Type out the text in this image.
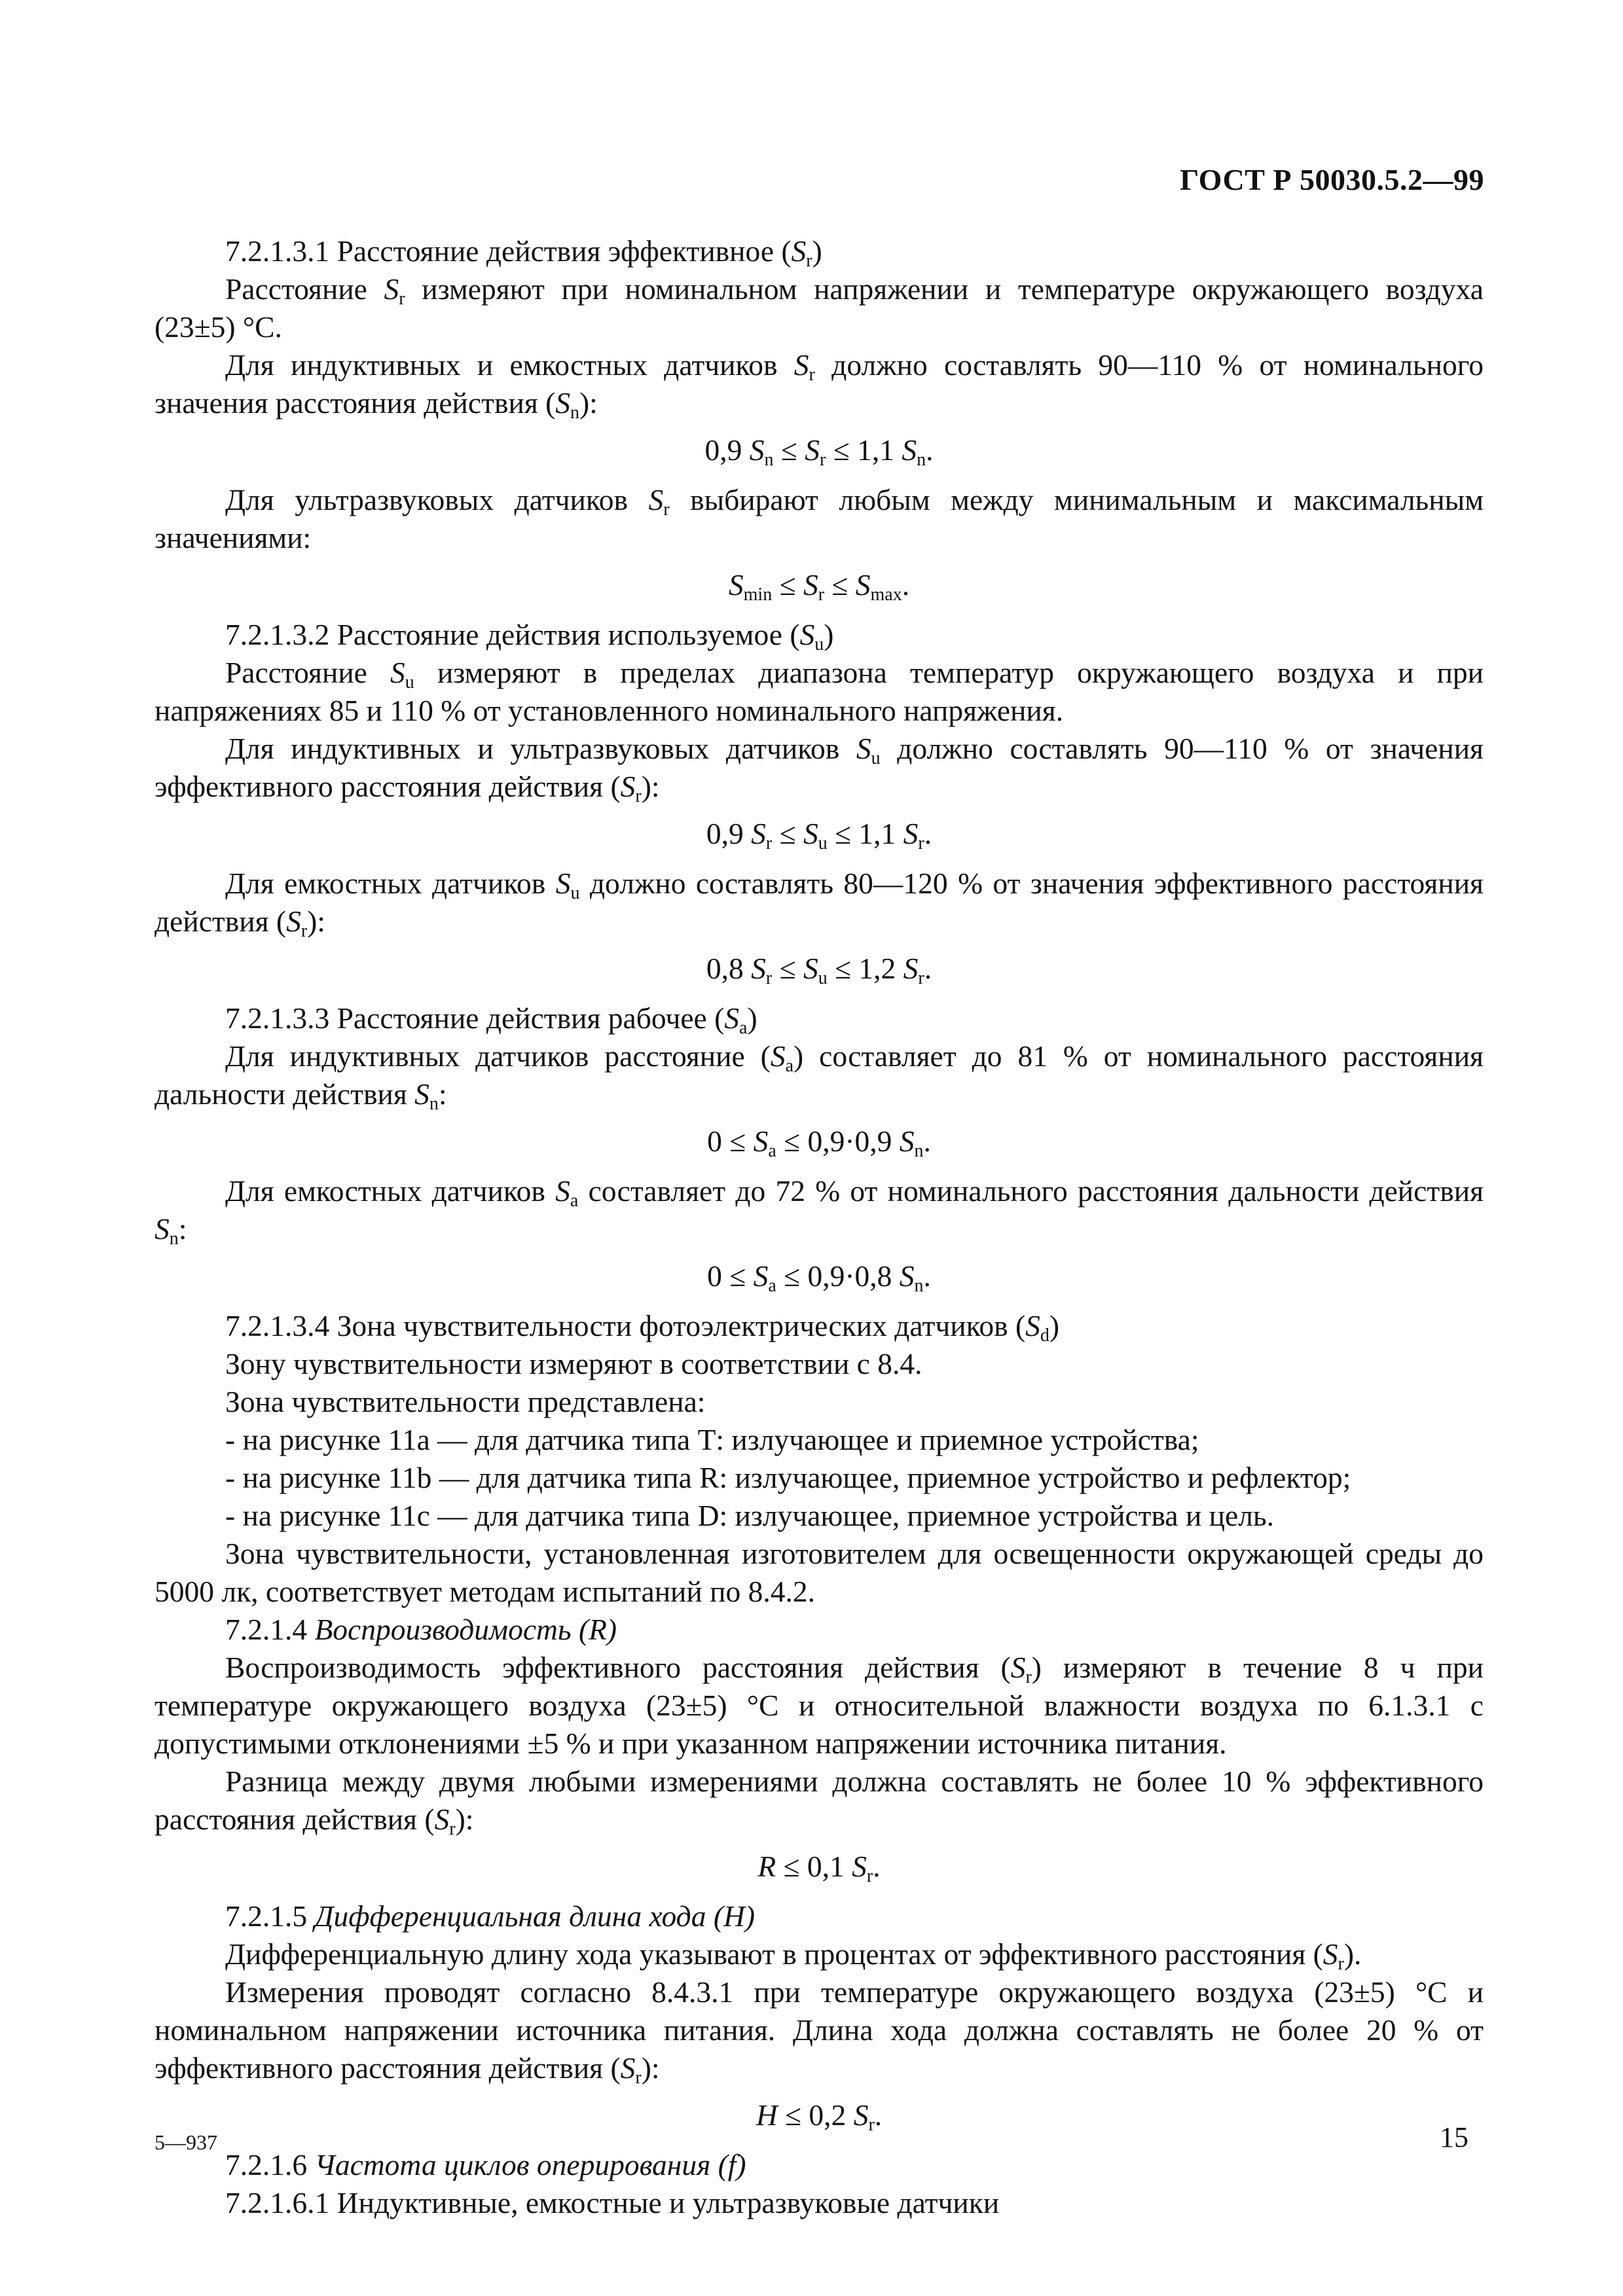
ГОСТ Р 50030.5.2—99

7.2.1.3.1 Расстояние действия эффективное $(S_r)$

Расстояние $S_r$ измеряют при номинальном напряжении и температуре окружающего воздуха (23±5) °С.

Для индуктивных и емкостных датчиков $S_r$ должно составлять 90—110 % от номинального значения расстояния действия $(S_n)$:

0,9 $S_n \le S_r \le 1,1$ $S_n$.

Для ультразвуковых датчиков $S_r$ выбирают любым между минимальным и максимальным значениями:

$S_{min} \le S_r \le S_{max}$.

7.2.1.3.2 Расстояние действия используемое $(S_u)$

Расстояние $S_u$ измеряют в пределах диапазона температур окружающего воздуха и при напряжениях 85 и 110 % от установленного номинального напряжения.

Для индуктивных и ультразвуковых датчиков $S_u$ должно составлять 90—110 % от значения эффективного расстояния действия $(S_r)$:

0,9 $S_r \le S_u \le 1,1$ $S_r$.

Для емкостных датчиков $S_u$ должно составлять 80—120 % от значения эффективного расстояния действия $(S_r)$:

0,8 $S_r \le S_u \le 1,2$ $S_r$.

7.2.1.3.3 Расстояние действия рабочее $(S_a)$

Для индуктивных датчиков расстояние $(S_a)$ составляет до 81 % от номинального расстояния дальности действия $S_n$:

$0 \le S_a \le 0,9\cdot 0,9$ $S_n$.

Для емкостных датчиков $S_a$ составляет до 72 % от номинального расстояния дальности действия $S_n$:

$0 \le S_a \le 0,9\cdot 0,8$ $S_n$.

7.2.1.3.4 Зона чувствительности фотоэлектрических датчиков $(S_d)$

Зону чувствительности измеряют в соответствии с 8.4.

Зона чувствительности представлена:

- на рисунке 11а — для датчика типа Т: излучающее и приемное устройства;

- на рисунке 11b — для датчика типа R: излучающее, приемное устройство и рефлектор;

- на рисунке 11с — для датчика типа D: излучающее, приемное устройства и цель.

Зона чувствительности, установленная изготовителем для освещенности окружающей среды до 5000 лк, соответствует методам испытаний по 8.4.2.

7.2.1.4 Воспроизводимость (R)

Воспроизводимость эффективного расстояния действия $(S_r)$ измеряют в течение 8 ч при температуре окружающего воздуха (23±5) °С и относительной влажности воздуха по 6.1.3.1 с допустимыми отклонениями ±5 % и при указанном напряжении источника питания.

Разница между двумя любыми измерениями должна составлять не более 10 % эффективного расстояния действия $(S_r)$:

R ≤ 0,1 $S_r$.

7.2.1.5 Дифференциальная длина хода (Н)

Дифференциальную длину хода указывают в процентах от эффективного расстояния $(S_r)$.

Измерения проводят согласно 8.4.3.1 при температуре окружающего воздуха (23±5) °С и номинальном напряжении источника питания. Длина хода должна составлять не более 20 % от эффективного расстояния действия $(S_r)$:

H ≤ 0,2 $S_r$.

7.2.1.6 Частота циклов оперирования (f)

7.2.1.6.1 Индуктивные, емкостные и ультразвуковые датчики

5—937	15
